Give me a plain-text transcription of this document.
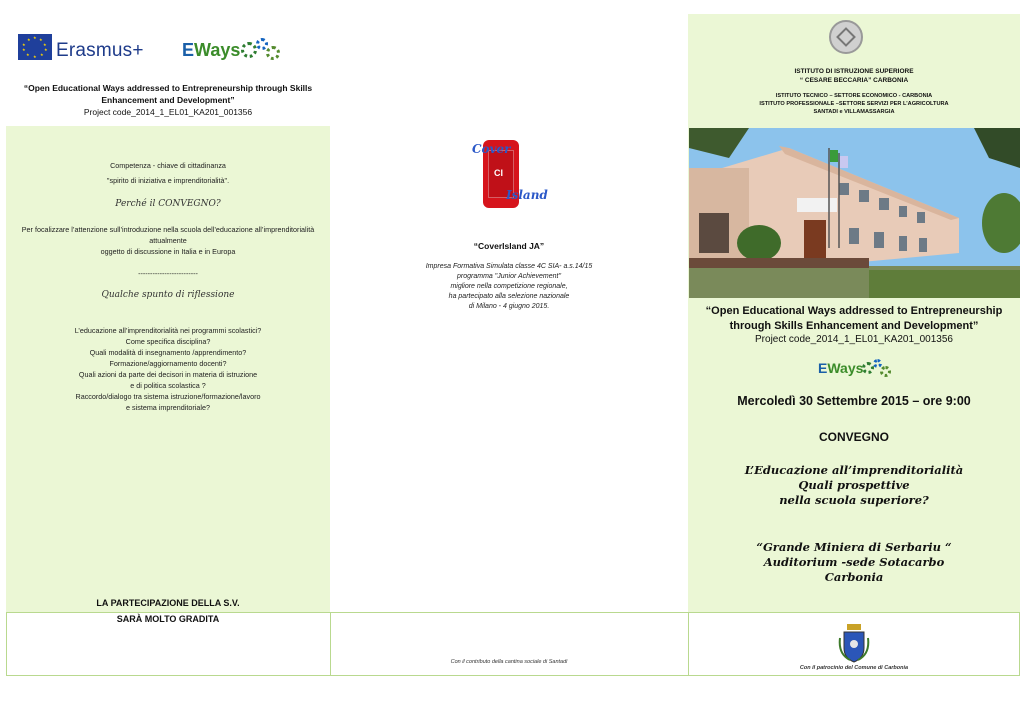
★ ★
★
★
★
★
★
★
★
★
Erasmus+ EWays
“Open Educational Ways addressed to Entrepreneurship through Skills Enhancement and Development”
Project code_2014_1_EL01_KA201_001356
Competenza - chiave di cittadinanza
"spirito di iniziativa e imprenditorialità".
Perché il CONVEGNO?
Per focalizzare l’attenzione sull’introduzione nella scuola dell’educazione all’imprenditorialità
attualmente
oggetto di discussione in Italia e in Europa
-------------------------
Qualche spunto di riflessione
L’educazione all’imprenditorialità nei programmi scolastici?
Come specifica disciplina?
Quali modalità di insegnamento /apprendimento?
Formazione/aggiornamento docenti?
Quali azioni da parte dei decisori in materia di istruzione
e di politica scolastica ?
Raccordo/dialogo tra sistema istruzione/formazione/lavoro
e sistema imprenditoriale?
LA PARTECIPAZIONE DELLA S.V.
SARÀ MOLTO GRADITA
Cover
CI
Island
“CoverIsland JA”
Impresa Formativa Simulata classe 4C SIA- a.s.14/15
programma "Junior Achievement"
migliore nella competizione regionale,
ha partecipato alla selezione nazionale
di Milano - 4 giugno 2015.
Con il contributo della cantina sociale di Santadi
ISTITUTO DI ISTRUZIONE SUPERIORE
“ CESARE BECCARIA” CARBONIA
ISTITUTO TECNICO – SETTORE ECONOMICO - CARBONIA
ISTITUTO PROFESSIONALE –SETTORE SERVIZI PER L’AGRICOLTURA
SANTADI e VILLAMASSARGIA
“Open Educational Ways addressed to Entrepreneurship
through Skills Enhancement and Development”
Project code_2014_1_EL01_KA201_001356
EWays
Mercoledì 30 Settembre 2015 – ore 9:00
CONVEGNO
L’Educazione all’imprenditorialità
Quali prospettive
nella scuola superiore?
“Grande Miniera di Serbariu “
Auditorium -sede Sotacarbo
Carbonia
Con il patrocinio del Comune di Carbonia
